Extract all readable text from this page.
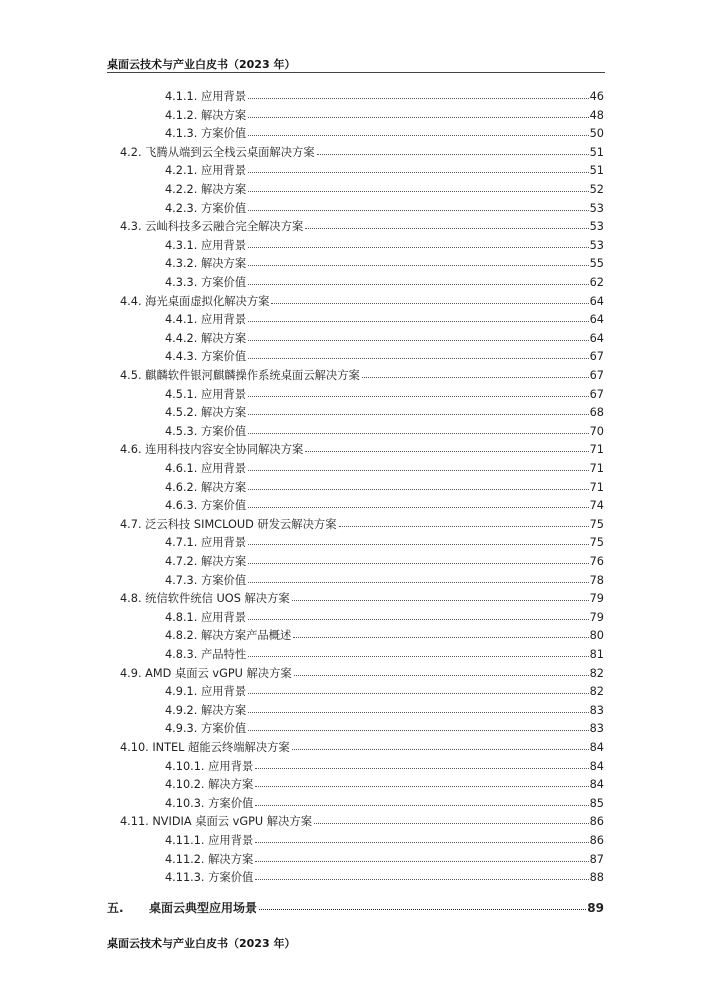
桌面云技术与产业白皮书（2023 年）
4.1.1. 应用背景	46
4.1.2. 解决方案	48
4.1.3. 方案价值	50
4.2. 飞腾从端到云全栈云桌面解决方案	51
4.2.1. 应用背景	51
4.2.2. 解决方案	52
4.2.3. 方案价值	53
4.3. 云屾科技多云融合完全解决方案	53
4.3.1. 应用背景	53
4.3.2. 解决方案	55
4.3.3. 方案价值	62
4.4. 海光桌面虚拟化解决方案	64
4.4.1. 应用背景	64
4.4.2. 解决方案	64
4.4.3. 方案价值	67
4.5. 麒麟软件银河麒麟操作系统桌面云解决方案	67
4.5.1. 应用背景	67
4.5.2. 解决方案	68
4.5.3. 方案价值	70
4.6. 连用科技内容安全协同解决方案	71
4.6.1. 应用背景	71
4.6.2. 解决方案	71
4.6.3. 方案价值	74
4.7. 泛云科技 SIMCLOUD 研发云解决方案	75
4.7.1. 应用背景	75
4.7.2. 解决方案	76
4.7.3. 方案价值	78
4.8. 统信软件统信 UOS 解决方案	79
4.8.1. 应用背景	79
4.8.2. 解决方案产品概述	80
4.8.3. 产品特性	81
4.9. AMD 桌面云 vGPU 解决方案	82
4.9.1. 应用背景	82
4.9.2. 解决方案	83
4.9.3. 方案价值	83
4.10. INTEL 超能云终端解决方案	84
4.10.1. 应用背景	84
4.10.2. 解决方案	84
4.10.3. 方案价值	85
4.11. NVIDIA 桌面云 vGPU 解决方案	86
4.11.1. 应用背景	86
4.11.2. 解决方案	87
4.11.3. 方案价值	88
五. 桌面云典型应用场景	89
桌面云技术与产业白皮书（2023 年）
